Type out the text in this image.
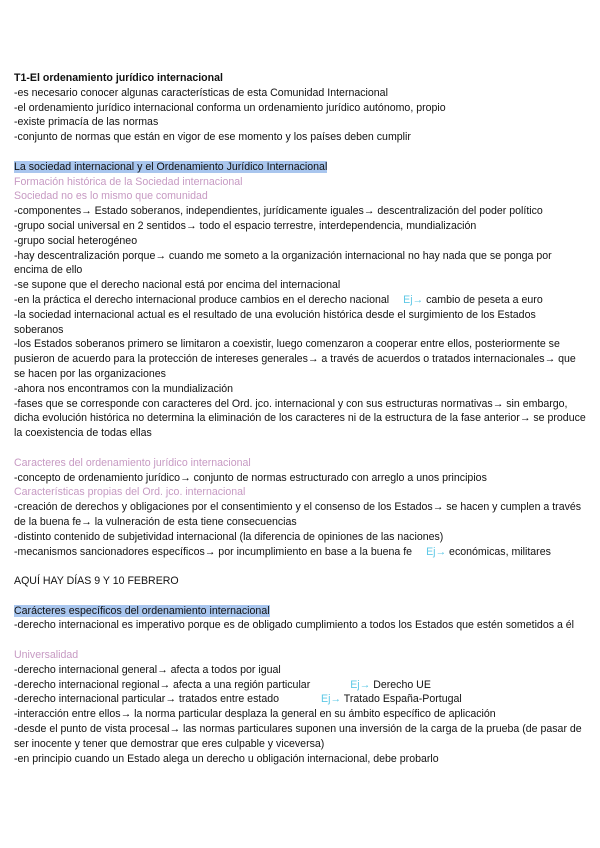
T1-El ordenamiento jurídico internacional
-es necesario conocer algunas características de esta Comunidad Internacional
-el ordenamiento jurídico internacional conforma un ordenamiento jurídico autónomo, propio
-existe primacía de las normas
-conjunto de normas que están en vigor de ese momento y los países deben cumplir
La sociedad internacional y el Ordenamiento Jurídico Internacional
Formación histórica de la Sociedad internacional
Sociedad no es lo mismo que comunidad
-componentes→ Estado soberanos, independientes, jurídicamente iguales→ descentralización del poder político
-grupo social universal en 2 sentidos→ todo el espacio terrestre, interdependencia, mundialización
-grupo social heterogéneo
-hay descentralización porque→ cuando me someto a la organización internacional no hay nada que se ponga por encima de ello
-se supone que el derecho nacional está por encima del internacional
-en la práctica el derecho internacional produce cambios en el derecho nacional Ej→ cambio de peseta a euro
-la sociedad internacional actual es el resultado de una evolución histórica desde el surgimiento de los Estados soberanos
-los Estados soberanos primero se limitaron a coexistir, luego comenzaron a cooperar entre ellos, posteriormente se pusieron de acuerdo para la protección de intereses generales→ a través de acuerdos o tratados internacionales→ que se hacen por las organizaciones
-ahora nos encontramos con la mundialización
-fases que se corresponde con caracteres del Ord. jco. internacional y con sus estructuras normativas→ sin embargo, dicha evolución histórica no determina la eliminación de los caracteres ni de la estructura de la fase anterior→ se produce la coexistencia de todas ellas
Caracteres del ordenamiento jurídico internacional
-concepto de ordenamiento jurídico→ conjunto de normas estructurado con arreglo a unos principios
Características propias del Ord. jco. internacional
-creación de derechos y obligaciones por el consentimiento y el consenso de los Estados→ se hacen y cumplen a través de la buena fe→ la vulneración de esta tiene consecuencias
-distinto contenido de subjetividad internacional (la diferencia de opiniones de las naciones)
-mecanismos sancionadores específicos→ por incumplimiento en base a la buena fe Ej→ económicas, militares
AQUÍ HAY DÍAS 9 Y 10 FEBRERO
Carácteres específicos del ordenamiento internacional
-derecho internacional es imperativo porque es de obligado cumplimiento a todos los Estados que estén sometidos a él
Universalidad
-derecho internacional general→ afecta a todos por igual
-derecho internacional regional→ afecta a una región particular	Ej→ Derecho UE
-derecho internacional particular→ tratados entre estado	Ej→ Tratado España-Portugal
-interacción entre ellos→ la norma particular desplaza la general en su ámbito específico de aplicación
-desde el punto de vista procesal→ las normas particulares suponen una inversión de la carga de la prueba (de pasar de ser inocente y tener que demostrar que eres culpable y viceversa)
-en principio cuando un Estado alega un derecho u obligación internacional, debe probarlo
